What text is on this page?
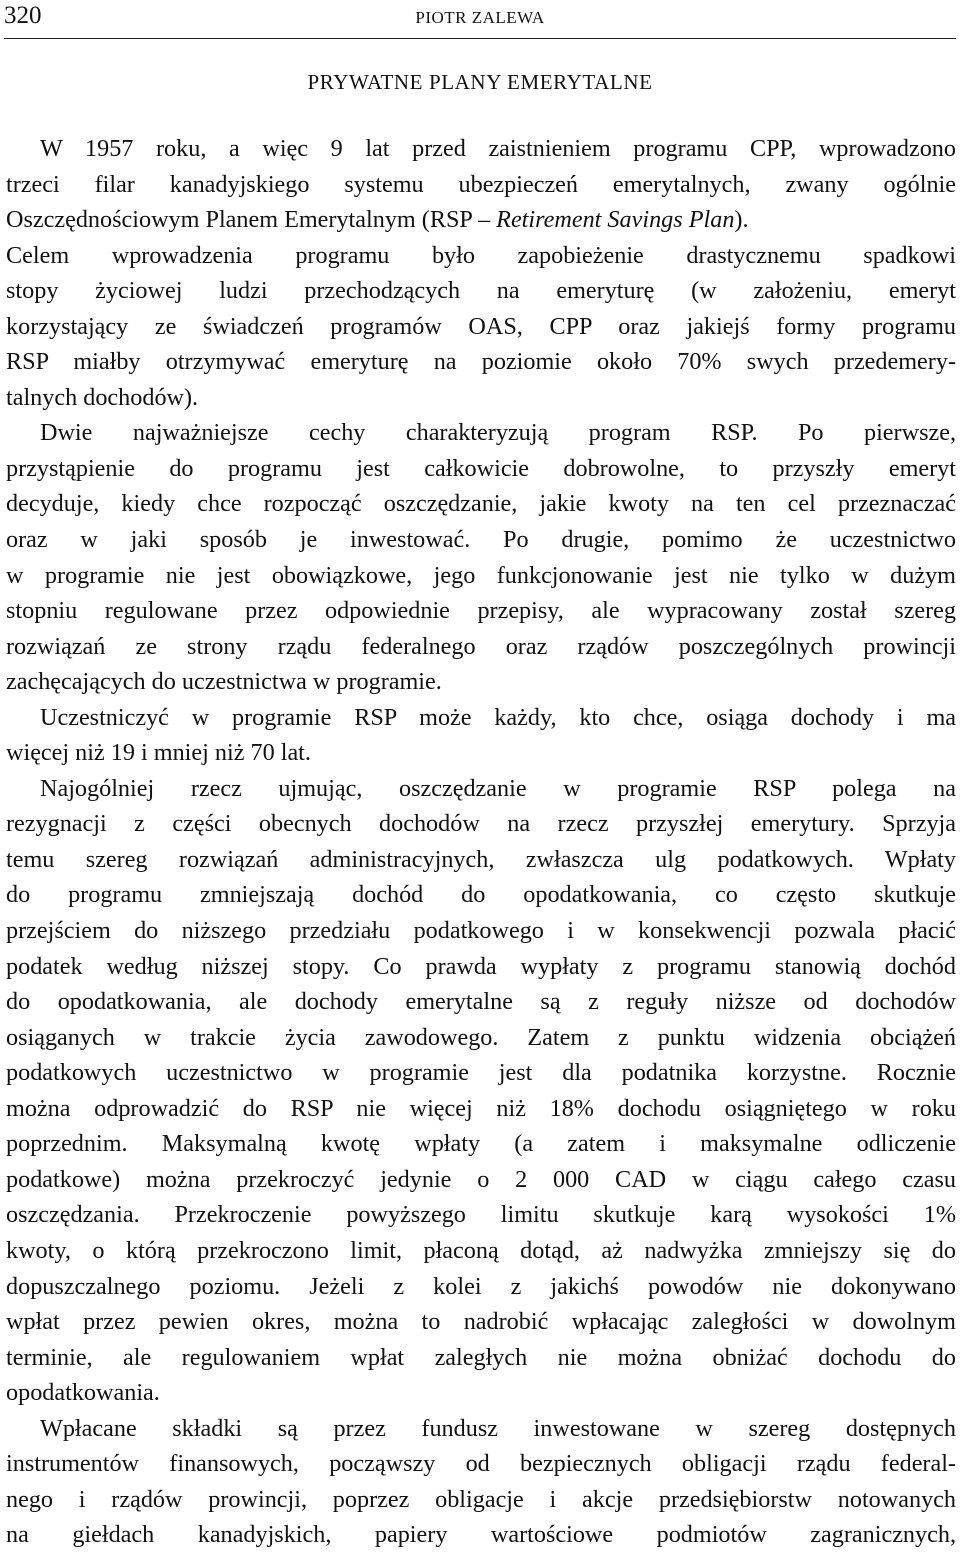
320	PIOTR ZALEWA
PRYWATNE PLANY EMERYTALNE
W 1957 roku, a więc 9 lat przed zaistnieniem programu CPP, wprowadzono
trzeci filar kanadyjskiego systemu ubezpieczeń emerytalnych, zwany ogólnie
Oszczędnościowym Planem Emerytalnym (RSP – Retirement Savings Plan).
Celem wprowadzenia programu było zapobieżenie drastycznemu spadkowi
stopy życiowej ludzi przechodzących na emeryturę (w założeniu, emeryt
korzystający ze świadczeń programów OAS, CPP oraz jakiejś formy programu
RSP miałby otrzymywać emeryturę na poziomie około 70% swych przedemery-
talnych dochodów).
Dwie najważniejsze cechy charakteryzują program RSP. Po pierwsze,
przystąpienie do programu jest całkowicie dobrowolne, to przyszły emeryt
decyduje, kiedy chce rozpocząć oszczędzanie, jakie kwoty na ten cel przeznaczać
oraz w jaki sposób je inwestować. Po drugie, pomimo że uczestnictwo
w programie nie jest obowiązkowe, jego funkcjonowanie jest nie tylko w dużym
stopniu regulowane przez odpowiednie przepisy, ale wypracowany został szereg
rozwiązań ze strony rządu federalnego oraz rządów poszczególnych prowincji
zachęcających do uczestnictwa w programie.
Uczestniczyć w programie RSP może każdy, kto chce, osiąga dochody i ma
więcej niż 19 i mniej niż 70 lat.
Najogólniej rzecz ujmując, oszczędzanie w programie RSP polega na
rezygnacji z części obecnych dochodów na rzecz przyszłej emerytury. Sprzyja
temu szereg rozwiązań administracyjnych, zwłaszcza ulg podatkowych. Wpłaty
do programu zmniejszają dochód do opodatkowania, co często skutkuje
przejściem do niższego przedziału podatkowego i w konsekwencji pozwala płacić
podatek według niższej stopy. Co prawda wypłaty z programu stanowią dochód
do opodatkowania, ale dochody emerytalne są z reguły niższe od dochodów
osiąganych w trakcie życia zawodowego. Zatem z punktu widzenia obciążeń
podatkowych uczestnictwo w programie jest dla podatnika korzystne. Rocznie
można odprowadzić do RSP nie więcej niż 18% dochodu osiągniętego w roku
poprzednim. Maksymalną kwotę wpłaty (a zatem i maksymalne odliczenie
podatkowe) można przekroczyć jedynie o 2 000 CAD w ciągu całego czasu
oszczędzania. Przekroczenie powyższego limitu skutkuje karą wysokości 1%
kwoty, o którą przekroczono limit, płaconą dotąd, aż nadwyżka zmniejszy się do
dopuszczalnego poziomu. Jeżeli z kolei z jakichś powodów nie dokonywano
wpłat przez pewien okres, można to nadrobić wpłacając zaległości w dowolnym
terminie, ale regulowaniem wpłat zaległych nie można obniżać dochodu do
opodatkowania.
Wpłacane składki są przez fundusz inwestowane w szereg dostępnych
instrumentów finansowych, począwszy od bezpiecznych obligacji rządu federal-
nego i rządów prowincji, poprzez obligacje i akcje przedsiębiorstw notowanych
na giełdach kanadyjskich, papiery wartościowe podmiotów zagranicznych,
